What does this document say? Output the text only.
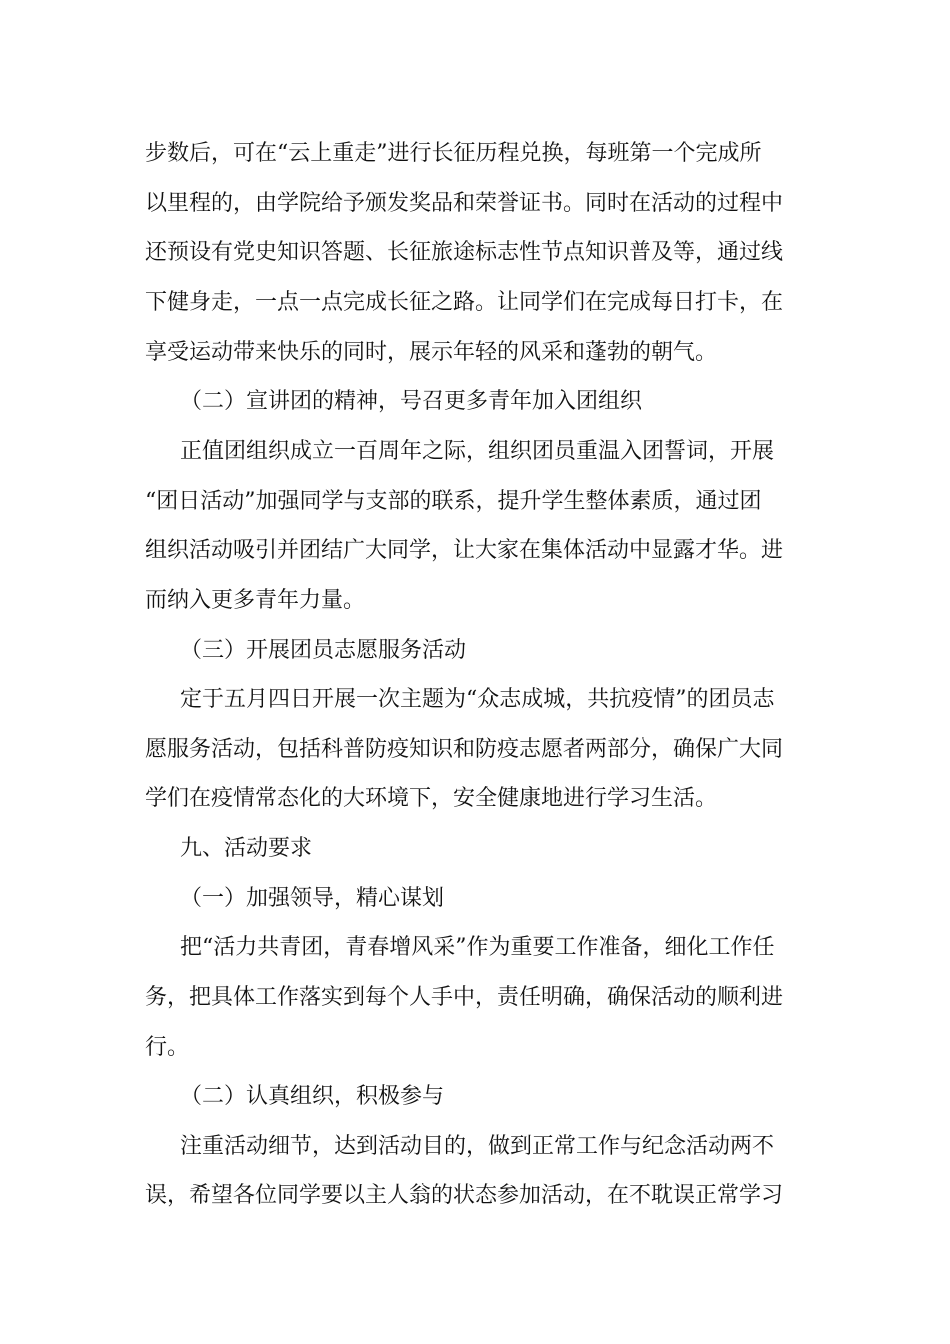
步数后，可在“云上重走”进行长征历程兑换，每班第一个完成所
以里程的，由学院给予颁发奖品和荣誉证书。同时在活动的过程中
还预设有党史知识答题、长征旅途标志性节点知识普及等，通过线
下健身走，一点一点完成长征之路。让同学们在完成每日打卡，在
享受运动带来快乐的同时，展示年轻的风采和蓬勃的朝气。
（二）宣讲团的精神，号召更多青年加入团组织
正值团组织成立一百周年之际，组织团员重温入团誓词，开展
“团日活动”加强同学与支部的联系，提升学生整体素质，通过团
组织活动吸引并团结广大同学，让大家在集体活动中显露才华。进
而纳入更多青年力量。
（三）开展团员志愿服务活动
定于五月四日开展一次主题为“众志成城，共抗疫情”的团员志
愿服务活动，包括科普防疫知识和防疫志愿者两部分，确保广大同
学们在疫情常态化的大环境下，安全健康地进行学习生活。
九、活动要求
（一）加强领导，精心谋划
把“活力共青团，青春增风采”作为重要工作准备，细化工作任
务，把具体工作落实到每个人手中，责任明确，确保活动的顺利进
行。
（二）认真组织，积极参与
注重活动细节，达到活动目的，做到正常工作与纪念活动两不
误，希望各位同学要以主人翁的状态参加活动，在不耽误正常学习
